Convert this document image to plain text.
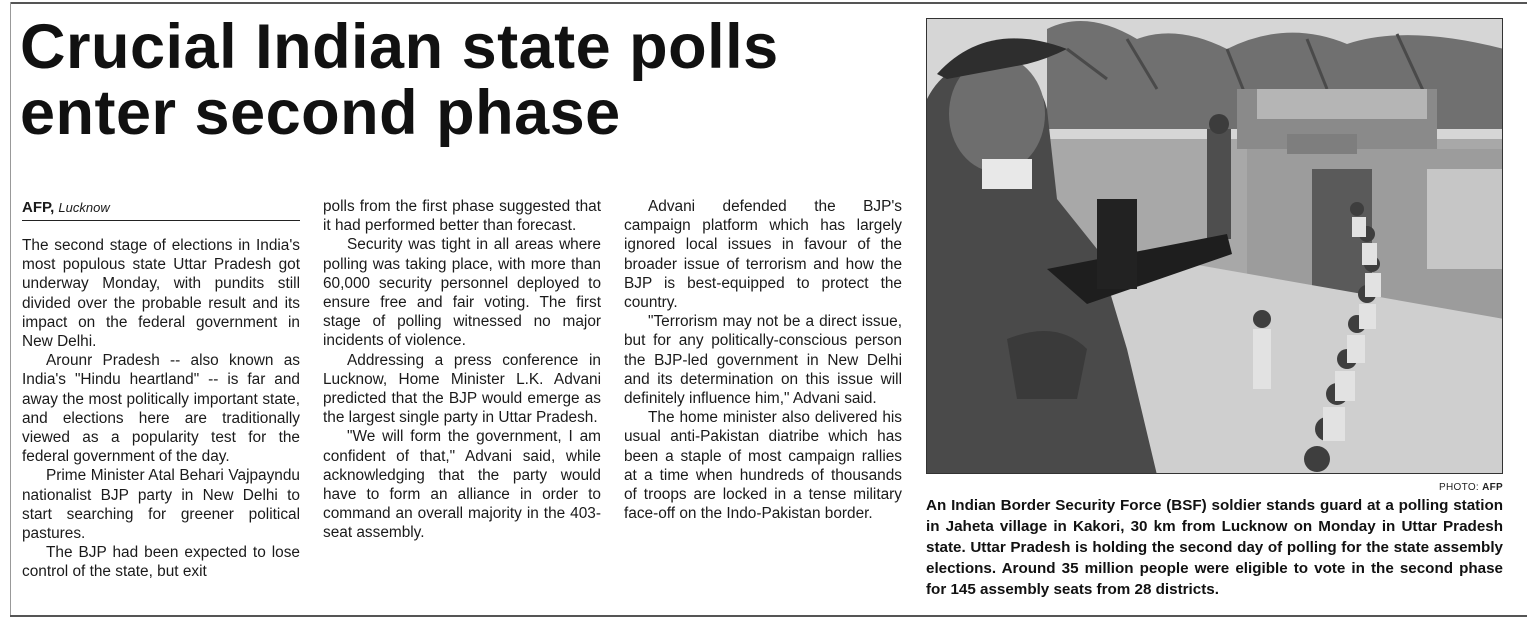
Crucial Indian state polls enter second phase
AFP, Lucknow

The second stage of elections in India's most populous state Uttar Pradesh got underway Monday, with pundits still divided over the probable result and its impact on the federal government in New Delhi.

Arounr Pradesh -- also known as India's "Hindu heartland" -- is far and away the most politically important state, and elections here are traditionally viewed as a popularity test for the federal government of the day.

Prime Minister Atal Behari Vajpayndu nationalist BJP party in New Delhi to start searching for greener political pastures.

The BJP had been expected to lose control of the state, but exit

polls from the first phase suggested that it had performed better than forecast.

Security was tight in all areas where polling was taking place, with more than 60,000 security personnel deployed to ensure free and fair voting. The first stage of polling witnessed no major incidents of violence.

Addressing a press conference in Lucknow, Home Minister L.K. Advani predicted that the BJP would emerge as the largest single party in Uttar Pradesh.

"We will form the government, I am confident of that," Advani said, while acknowledging that the party would have to form an alliance in order to command an overall majority in the 403-seat assembly.

Advani defended the BJP's campaign platform which has largely ignored local issues in favour of the broader issue of terrorism and how the BJP is best-equipped to protect the country.

"Terrorism may not be a direct issue, but for any politically-conscious person the BJP-led government in New Delhi and its determination on this issue will definitely influence him," Advani said.

The home minister also delivered his usual anti-Pakistan diatribe which has been a staple of most campaign rallies at a time when hundreds of thousands of troops are locked in a tense military face-off on the Indo-Pakistan border.

PHOTO: AFP
An Indian Border Security Force (BSF) soldier stands guard at a polling station in Jaheta village in Kakori, 30 km from Lucknow on Monday in Uttar Pradesh state. Uttar Pradesh is holding the second day of polling for the state assembly elections. Around 35 million people were eligible to vote in the second phase for 145 assembly seats from 28 districts.
